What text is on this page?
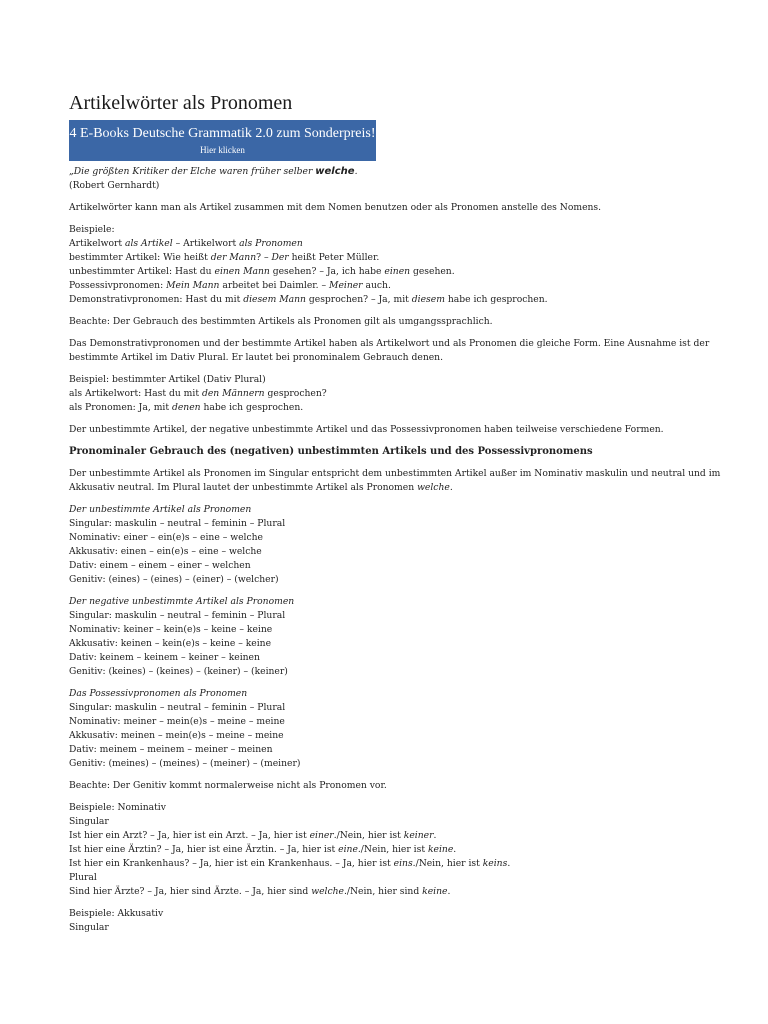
Artikelwörter als Pronomen
4 E-Books Deutsche Grammatik 2.0 zum Sonderpreis!
Hier klicken

„Die größten Kritiker der Elche waren früher selber welche.
(Robert Gernhardt)

Artikelwörter kann man als Artikel zusammen mit dem Nomen benutzen oder als Pronomen anstelle des Nomens.

Beispiele:
Artikelwort als Artikel – Artikelwort als Pronomen
bestimmter Artikel: Wie heißt der Mann? – Der heißt Peter Müller.
unbestimmter Artikel: Hast du einen Mann gesehen? – Ja, ich habe einen gesehen.
Possessivpronomen: Mein Mann arbeitet bei Daimler. – Meiner auch.
Demonstrativpronomen: Hast du mit diesem Mann gesprochen? – Ja, mit diesem habe ich gesprochen.

Beachte: Der Gebrauch des bestimmten Artikels als Pronomen gilt als umgangssprachlich.

Das Demonstrativpronomen und der bestimmte Artikel haben als Artikelwort und als Pronomen die gleiche Form. Eine Ausnahme ist der
bestimmte Artikel im Dativ Plural. Er lautet bei pronominalem Gebrauch denen.

Beispiel: bestimmter Artikel (Dativ Plural)
als Artikelwort: Hast du mit den Männern gesprochen?
als Pronomen: Ja, mit denen habe ich gesprochen.

Der unbestimmte Artikel, der negative unbestimmte Artikel und das Possessivpronomen haben teilweise verschiedene Formen.

Pronominaler Gebrauch des (negativen) unbestimmten Artikels und des Possessivpronomens

Der unbestimmte Artikel als Pronomen im Singular entspricht dem unbestimmten Artikel außer im Nominativ maskulin und neutral und im
Akkusativ neutral. Im Plural lautet der unbestimmte Artikel als Pronomen welche.

Der unbestimmte Artikel als Pronomen
Singular: maskulin – neutral – feminin – Plural
Nominativ: einer – ein(e)s – eine – welche
Akkusativ: einen – ein(e)s – eine – welche
Dativ: einem – einem – einer – welchen
Genitiv: (eines) – (eines) – (einer) – (welcher)

Der negative unbestimmte Artikel als Pronomen
Singular: maskulin – neutral – feminin – Plural
Nominativ: keiner – kein(e)s – keine – keine
Akkusativ: keinen – kein(e)s – keine – keine
Dativ: keinem – keinem – keiner – keinen
Genitiv: (keines) – (keines) – (keiner) – (keiner)

Das Possessivpronomen als Pronomen
Singular: maskulin – neutral – feminin – Plural
Nominativ: meiner – mein(e)s – meine – meine
Akkusativ: meinen – mein(e)s – meine – meine
Dativ: meinem – meinem – meiner – meinen
Genitiv: (meines) – (meines) – (meiner) – (meiner)

Beachte: Der Genitiv kommt normalerweise nicht als Pronomen vor.

Beispiele: Nominativ
Singular
Ist hier ein Arzt? – Ja, hier ist ein Arzt. – Ja, hier ist einer./Nein, hier ist keiner.
Ist hier eine Ärztin? – Ja, hier ist eine Ärztin. – Ja, hier ist eine./Nein, hier ist keine.
Ist hier ein Krankenhaus? – Ja, hier ist ein Krankenhaus. – Ja, hier ist eins./Nein, hier ist keins.
Plural
Sind hier Ärzte? – Ja, hier sind Ärzte. – Ja, hier sind welche./Nein, hier sind keine.

Beispiele: Akkusativ
Singular
